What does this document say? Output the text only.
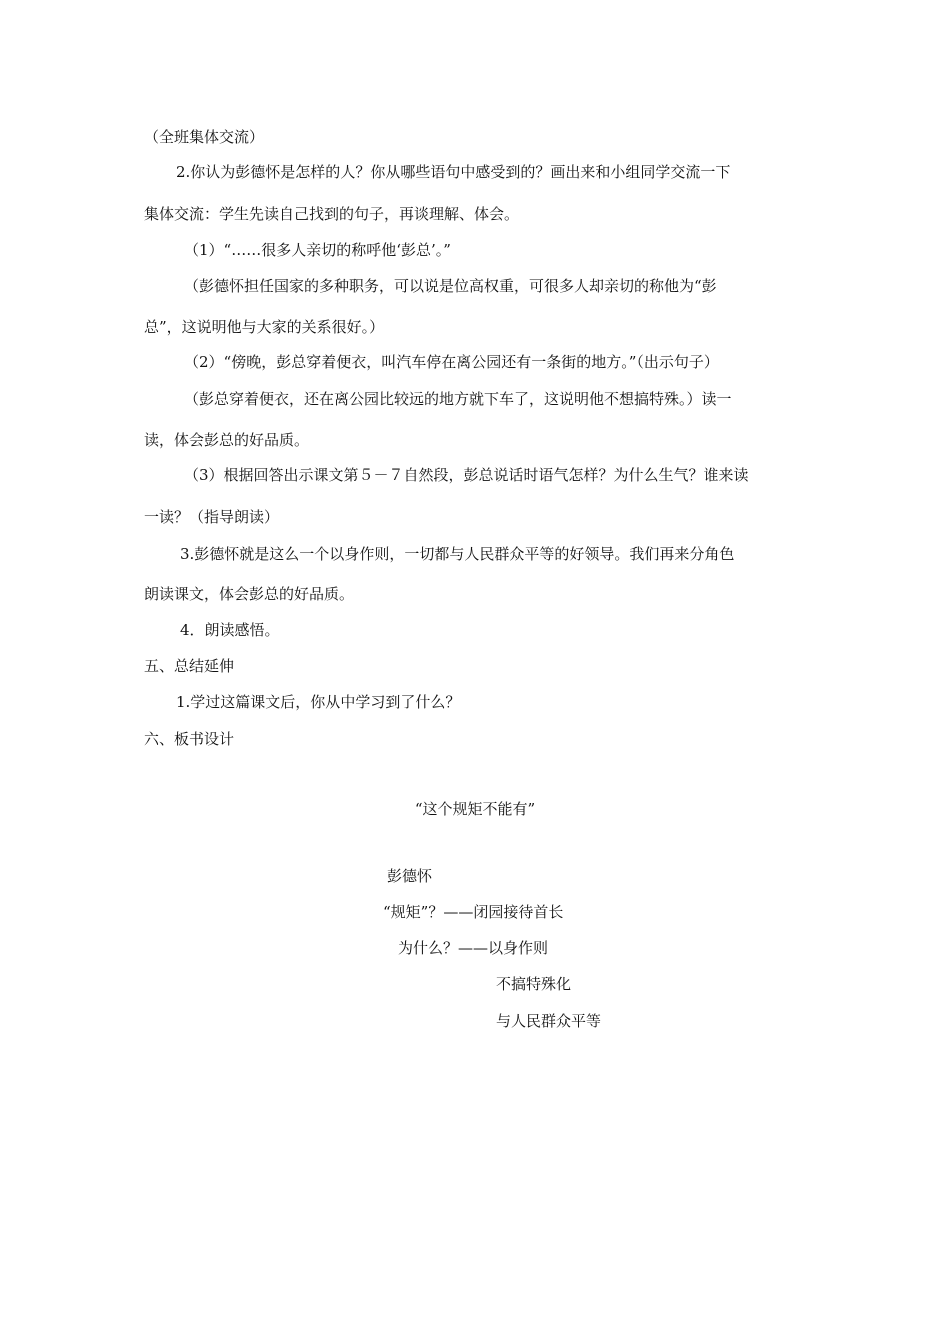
（全班集体交流）
2.你认为彭德怀是怎样的人？你从哪些语句中感受到的？画出来和小组同学交流一下
集体交流：学生先读自己找到的句子，再谈理解、体会。
（1）“……很多人亲切的称呼他‘彭总’。”
（彭德怀担任国家的多种职务，可以说是位高权重，可很多人却亲切的称他为“彭
总”，这说明他与大家的关系很好。）
（2）“傍晚，彭总穿着便衣，叫汽车停在离公园还有一条街的地方。”（出示句子）
（彭总穿着便衣，还在离公园比较远的地方就下车了，这说明他不想搞特殊。）读一
读，体会彭总的好品质。
（3）根据回答出示课文第５－７自然段，彭总说话时语气怎样？为什么生气？谁来读
一读？（指导朗读）
3.彭德怀就是这么一个以身作则，一切都与人民群众平等的好领导。我们再来分角色
朗读课文，体会彭总的好品质。
4．朗读感悟。
五、总结延伸
1.学过这篇课文后，你从中学习到了什么？
六、板书设计
“这个规矩不能有”
彭德怀
“规矩”？——闭园接待首长
为什么？——以身作则
不搞特殊化
与人民群众平等
